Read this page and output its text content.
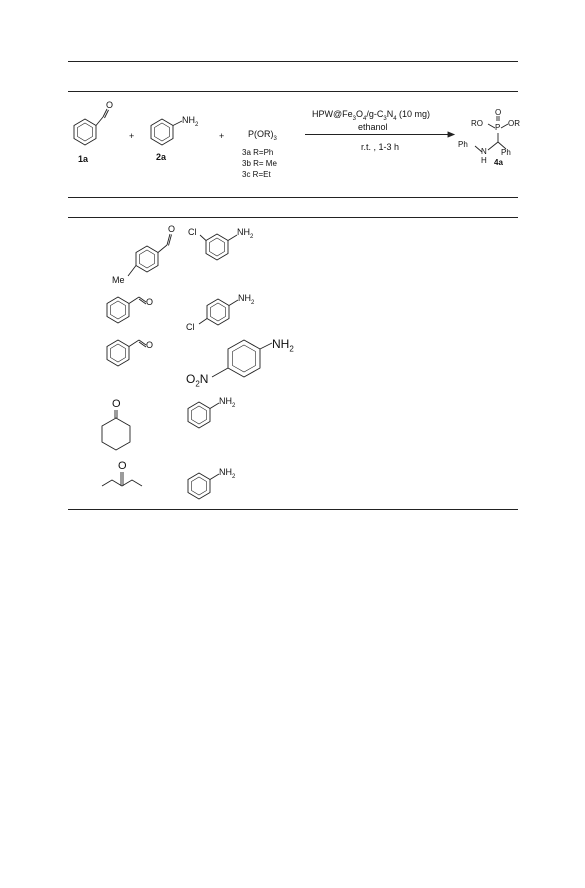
O
1a
$NH_2$
2a
+	+	$P(OR)_3$
3a R=Ph
3b R= Me
3c R=Et
$HPW@Fe_3O_4/g-C_3N_4$ (10 mg)
ethanol
r.t. , 1-3 h
RO
O
P OR
Ph
N
H
Ph
4a
O
Me
Cl	$NH_2$
O	$NH_2$
Cl
O	$NH_2$
$O_2N$
O	$NH_2$
O	$NH_2$
